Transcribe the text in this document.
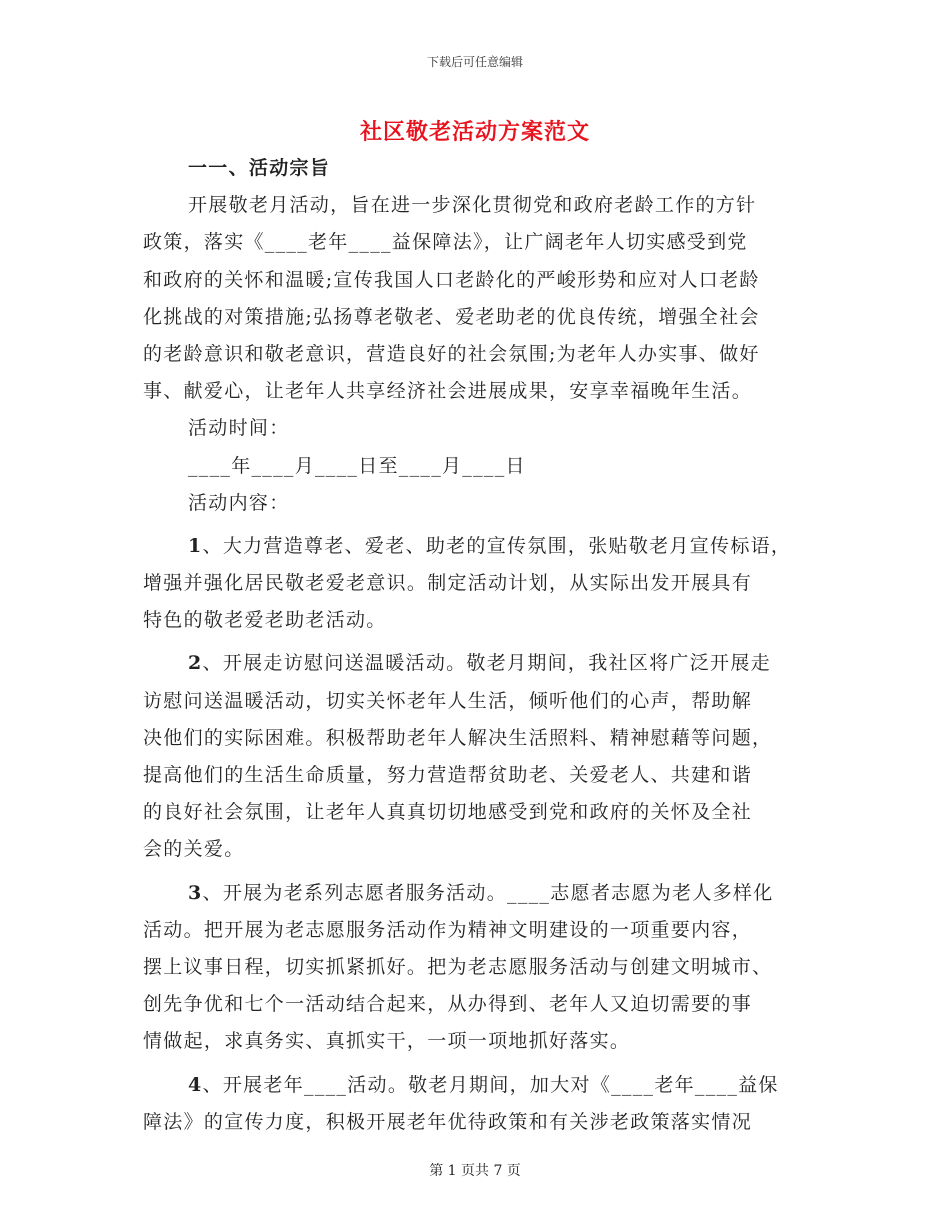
下载后可任意编辑
社区敬老活动方案范文
一一、活动宗旨
开展敬老月活动，旨在进一步深化贯彻党和政府老龄工作的方针
政策，落实《____老年____益保障法》，让广阔老年人切实感受到党
和政府的关怀和温暖;宣传我国人口老龄化的严峻形势和应对人口老龄
化挑战的对策措施;弘扬尊老敬老、爱老助老的优良传统，增强全社会
的老龄意识和敬老意识，营造良好的社会氛围;为老年人办实事、做好
事、献爱心，让老年人共享经济社会进展成果，安享幸福晚年生活。
活动时间：
____年____月____日至____月____日
活动内容：
1、大力营造尊老、爱老、助老的宣传氛围，张贴敬老月宣传标语，
增强并强化居民敬老爱老意识。制定活动计划，从实际出发开展具有
特色的敬老爱老助老活动。
2、开展走访慰问送温暖活动。敬老月期间，我社区将广泛开展走
访慰问送温暖活动，切实关怀老年人生活，倾听他们的心声，帮助解
决他们的实际困难。积极帮助老年人解决生活照料、精神慰藉等问题，
提高他们的生活生命质量，努力营造帮贫助老、关爱老人、共建和谐
的良好社会氛围，让老年人真真切切地感受到党和政府的关怀及全社
会的关爱。
3、开展为老系列志愿者服务活动。____志愿者志愿为老人多样化
活动。把开展为老志愿服务活动作为精神文明建设的一项重要内容，
摆上议事日程，切实抓紧抓好。把为老志愿服务活动与创建文明城市、
创先争优和七个一活动结合起来，从办得到、老年人又迫切需要的事
情做起，求真务实、真抓实干，一项一项地抓好落实。
4、开展老年____活动。敬老月期间，加大对《____老年____益保
障法》的宣传力度，积极开展老年优待政策和有关涉老政策落实情况
第 1 页共 7 页
